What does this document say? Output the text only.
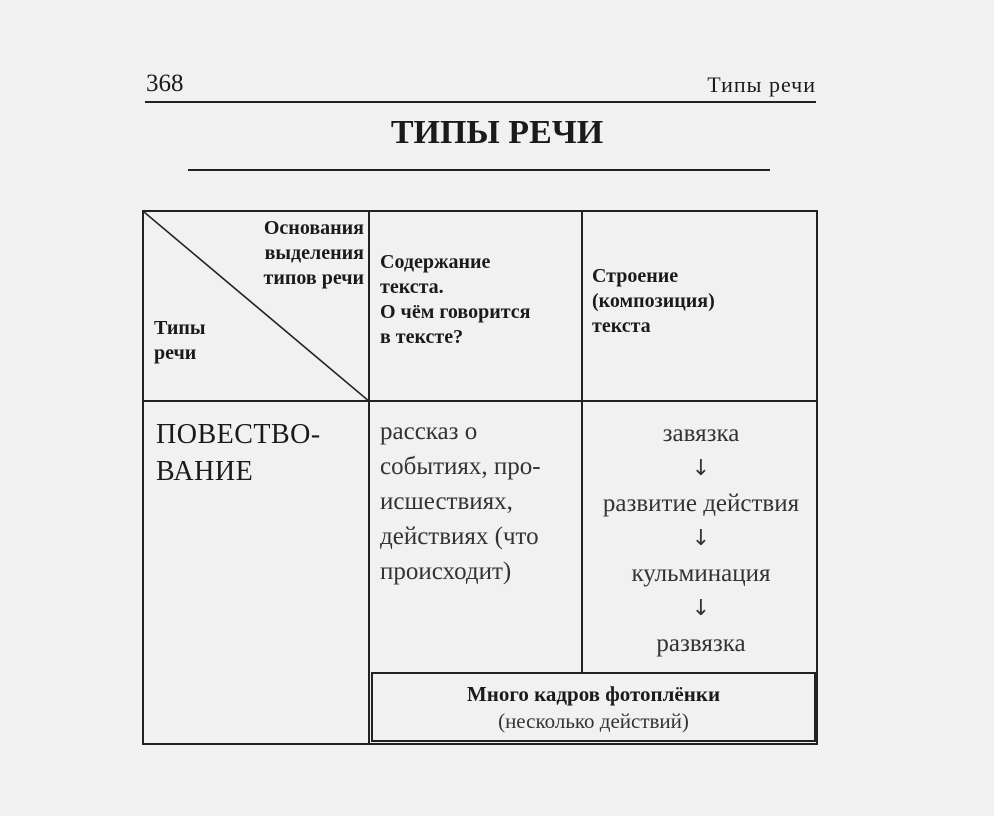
368	Типы речи
ТИПЫ РЕЧИ
Основания
выделения
типов речи
Типы
речи
Содержание
текста.
О чём говорится
в тексте?
Строение
(композиция)
текста
ПОВЕСТВО-
ВАНИЕ
рассказ о
событиях, про-
исшествиях,
действиях (что
происходит)
завязка
↓
развитие действия
↓
кульминация
↓
развязка
Много кадров фотоплёнки
(несколько действий)
